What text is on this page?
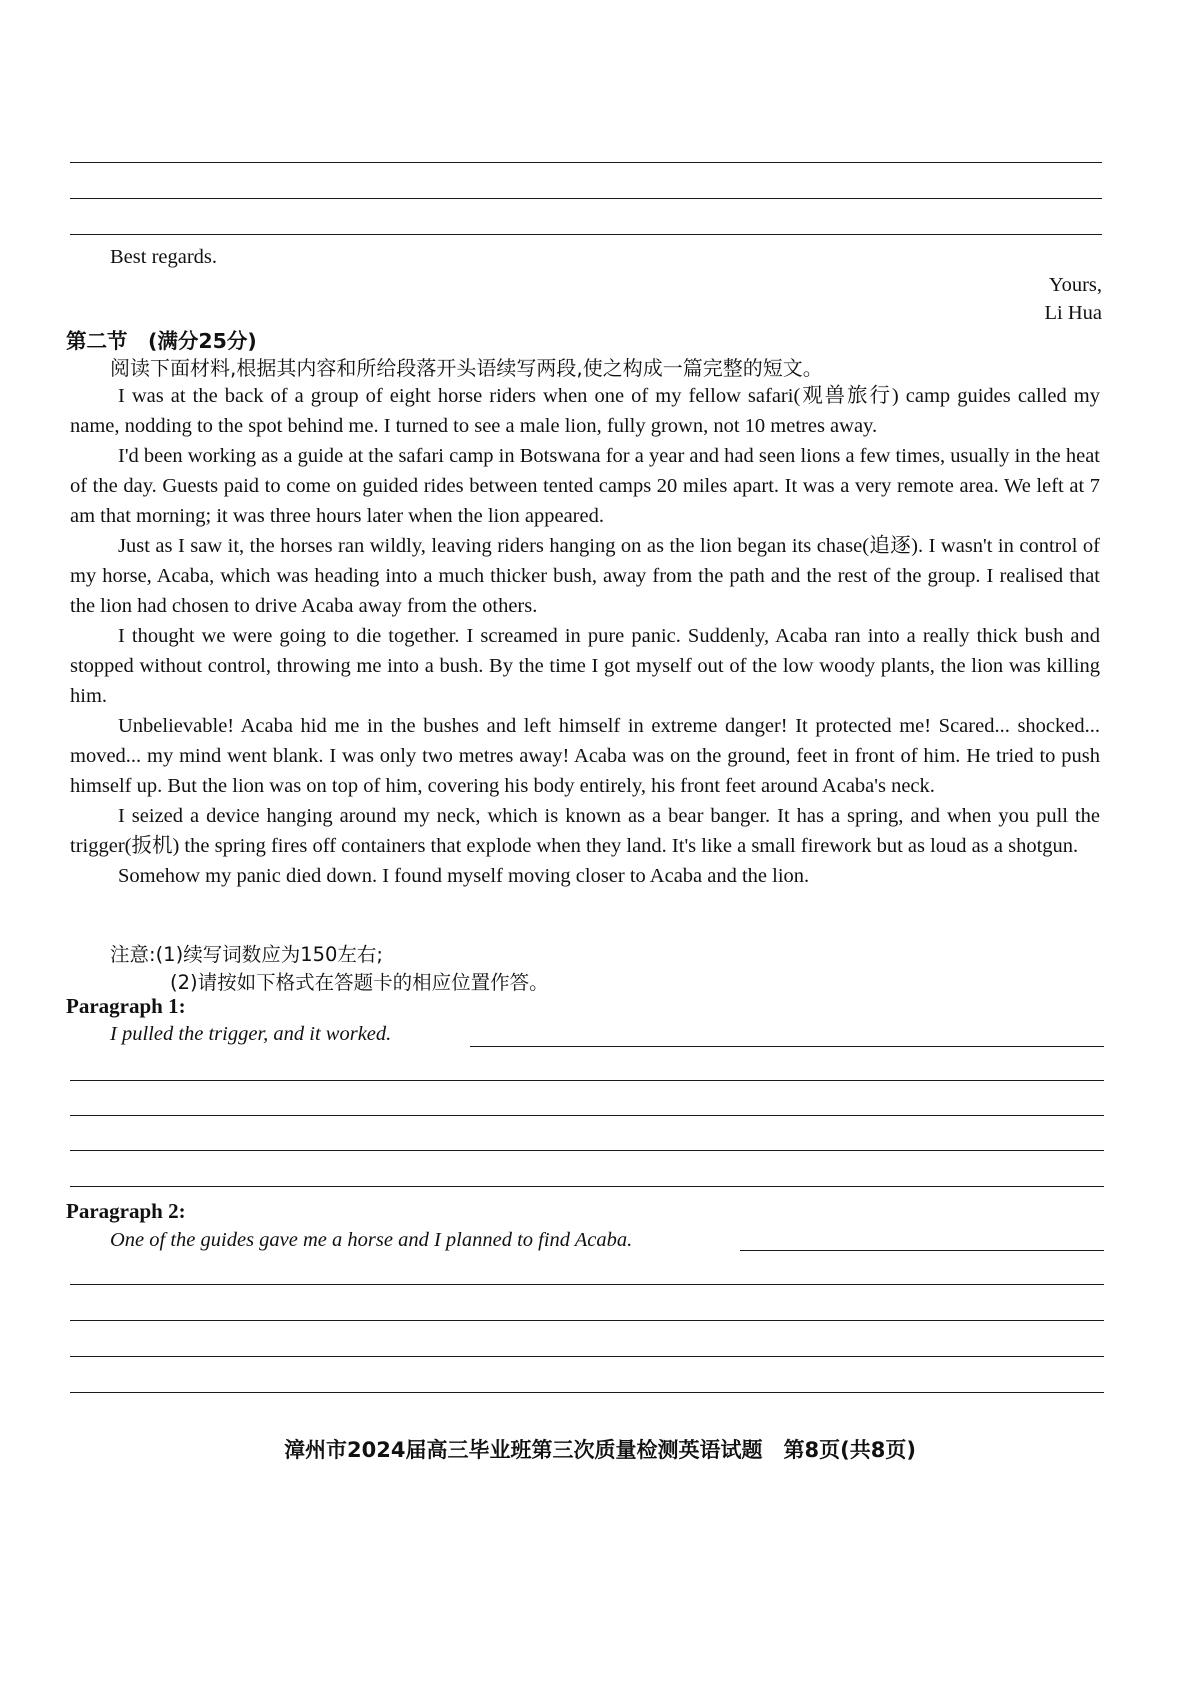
Best regards.
Yours,
Li Hua
第二节　(满分25分)
阅读下面材料,根据其内容和所给段落开头语续写两段,使之构成一篇完整的短文。

I was at the back of a group of eight horse riders when one of my fellow safari(观兽旅行) camp guides called my name, nodding to the spot behind me. I turned to see a male lion, fully grown, not 10 metres away.

I'd been working as a guide at the safari camp in Botswana for a year and had seen lions a few times, usually in the heat of the day. Guests paid to come on guided rides between tented camps 20 miles apart. It was a very remote area. We left at 7 am that morning; it was three hours later when the lion appeared.

Just as I saw it, the horses ran wildly, leaving riders hanging on as the lion began its chase(追逐). I wasn't in control of my horse, Acaba, which was heading into a much thicker bush, away from the path and the rest of the group. I realised that the lion had chosen to drive Acaba away from the others.

I thought we were going to die together. I screamed in pure panic. Suddenly, Acaba ran into a really thick bush and stopped without control, throwing me into a bush. By the time I got myself out of the low woody plants, the lion was killing him.

Unbelievable! Acaba hid me in the bushes and left himself in extreme danger! It protected me! Scared... shocked... moved... my mind went blank. I was only two metres away! Acaba was on the ground, feet in front of him. He tried to push himself up. But the lion was on top of him, covering his body entirely, his front feet around Acaba's neck.

I seized a device hanging around my neck, which is known as a bear banger. It has a spring, and when you pull the trigger(扳机) the spring fires off containers that explode when they land. It's like a small firework but as loud as a shotgun.

Somehow my panic died down. I found myself moving closer to Acaba and the lion.

注意:(1)续写词数应为150左右;
(2)请按如下格式在答题卡的相应位置作答。
Paragraph 1:
I pulled the trigger, and it worked.
Paragraph 2:
One of the guides gave me a horse and I planned to find Acaba.
漳州市2024届高三毕业班第三次质量检测英语试题　第8页(共8页)
